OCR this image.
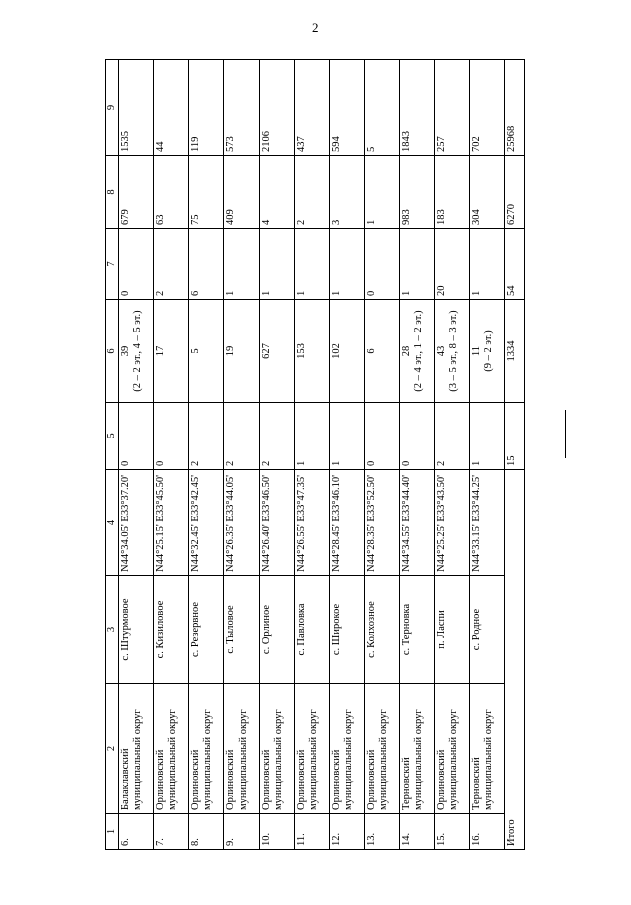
2
1	2	3	4	5	6	7	8	9

6.	Балаклавский муниципальный округ	с. Штурмовое	N44°34.05' E33°37.20'	0	39 (2 – 2 эт., 4 – 5 эт.)	0	679	1535

7.	Орлиновский муниципальный округ	с. Кизиловое	N44°25.15' E33°45.50'	0	17	2	63	44

8.	Орлиновский муниципальный округ	с. Резервное	N44°32.45' E33°42.45'	2	5	6	75	119

9.	Орлиновский муниципальный округ	с. Тыловое	N44°26.35' E33°44.05'	2	19	1	409	573

10.	Орлиновский муниципальный округ	с. Орлиное	N44°26.40' E33°46.50'	2	627	1	4	2106

11.	Орлиновский муниципальный округ	с. Павловка	N44°26.55' E33°47.35'	1	153	1	2	437

12.	Орлиновский муниципальный округ	с. Широкое	N44°28.45' E33°46.10'	1	102	1	3	594

13.	Орлиновский муниципальный округ	с. Колхозное	N44°28.35' E33°52.50'	0	6	0	1	5

14.	Терновский муниципальный округ	с. Терновка	N44°34.55' E33°44.40'	0	28 (2 – 4 эт., 1 – 2 эт.)	1	983	1843

15.	Орлиновский муниципальный округ	п. Ласпи	N44°25.25' E33°43.50'	2	43 (3 – 5 эт., 8 – 3 эт.)	20	183	257

16.	Терновский муниципальный округ	с. Родное	N44°33.15' E33°44.25'	1	11 (9 – 2 эт.)	1	304	702

Итого				15	1334	54	6270	25968
